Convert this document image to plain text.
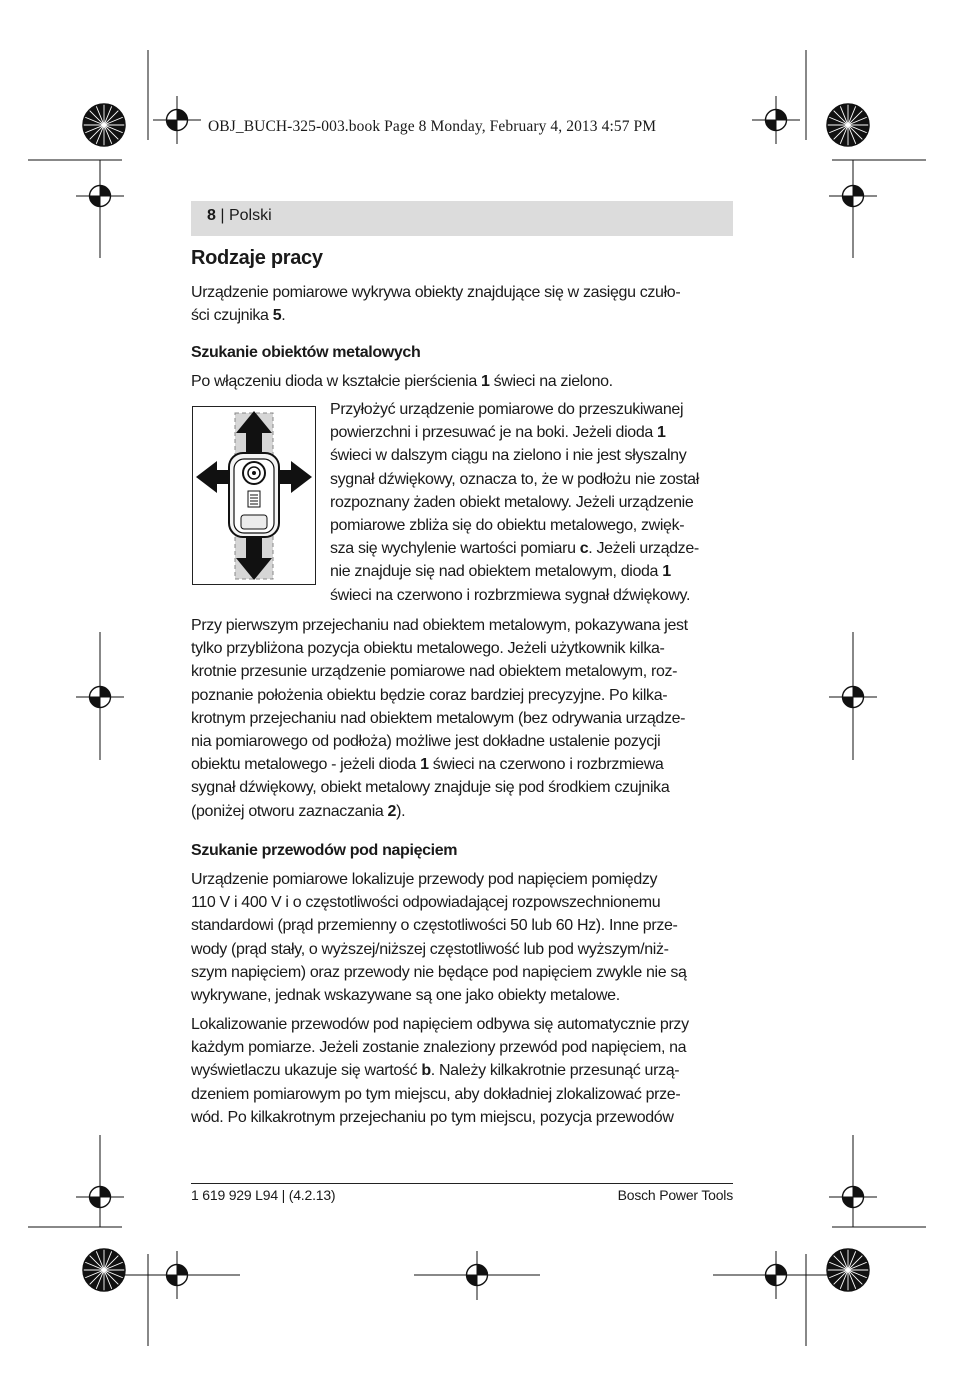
OBJ_BUCH-325-003.book Page 8 Monday, February 4, 2013 4:57 PM
8 | Polski
Rodzaje pracy
Urządzenie pomiarowe wykrywa obiekty znajdujące się w zasięgu czuło-
ści czujnika 5.
Szukanie obiektów metalowych
Po włączeniu dioda w kształcie pierścienia 1 świeci na zielono.
Przyłożyć urządzenie pomiarowe do przeszukiwanej
powierzchni i przesuwać je na boki. Jeżeli dioda 1
świeci w dalszym ciągu na zielono i nie jest słyszalny
sygnał dźwiękowy, oznacza to, że w podłożu nie został
rozpoznany żaden obiekt metalowy. Jeżeli urządzenie
pomiarowe zbliża się do obiektu metalowego, zwięk-
sza się wychylenie wartości pomiaru c. Jeżeli urządze-
nie znajduje się nad obiektem metalowym, dioda 1
świeci na czerwono i rozbrzmiewa sygnał dźwiękowy.
Przy pierwszym przejechaniu nad obiektem metalowym, pokazywana jest
tylko przybliżona pozycja obiektu metalowego. Jeżeli użytkownik kilka-
krotnie przesunie urządzenie pomiarowe nad obiektem metalowym, roz-
poznanie położenia obiektu będzie coraz bardziej precyzyjne. Po kilka-
krotnym przejechaniu nad obiektem metalowym (bez odrywania urządze-
nia pomiarowego od podłoża) możliwe jest dokładne ustalenie pozycji
obiektu metalowego - jeżeli dioda 1 świeci na czerwono i rozbrzmiewa
sygnał dźwiękowy, obiekt metalowy znajduje się pod środkiem czujnika
(poniżej otworu zaznaczania 2).
Szukanie przewodów pod napięciem
Urządzenie pomiarowe lokalizuje przewody pod napięciem pomiędzy
110 V i 400 V i o częstotliwości odpowiadającej rozpowszechnionemu
standardowi (prąd przemienny o częstotliwości 50 lub 60 Hz). Inne prze-
wody (prąd stały, o wyższej/niższej częstotliwość lub pod wyższym/niż-
szym napięciem) oraz przewody nie będące pod napięciem zwykle nie są
wykrywane, jednak wskazywane są one jako obiekty metalowe.
Lokalizowanie przewodów pod napięciem odbywa się automatycznie przy
każdym pomiarze. Jeżeli zostanie znaleziony przewód pod napięciem, na
wyświetlaczu ukazuje się wartość b. Należy kilkakrotnie przesunąć urzą-
dzeniem pomiarowym po tym miejscu, aby dokładniej zlokalizować prze-
wód. Po kilkakrotnym przejechaniu po tym miejscu, pozycja przewodów
1 619 929 L94 | (4.2.13)	Bosch Power Tools
